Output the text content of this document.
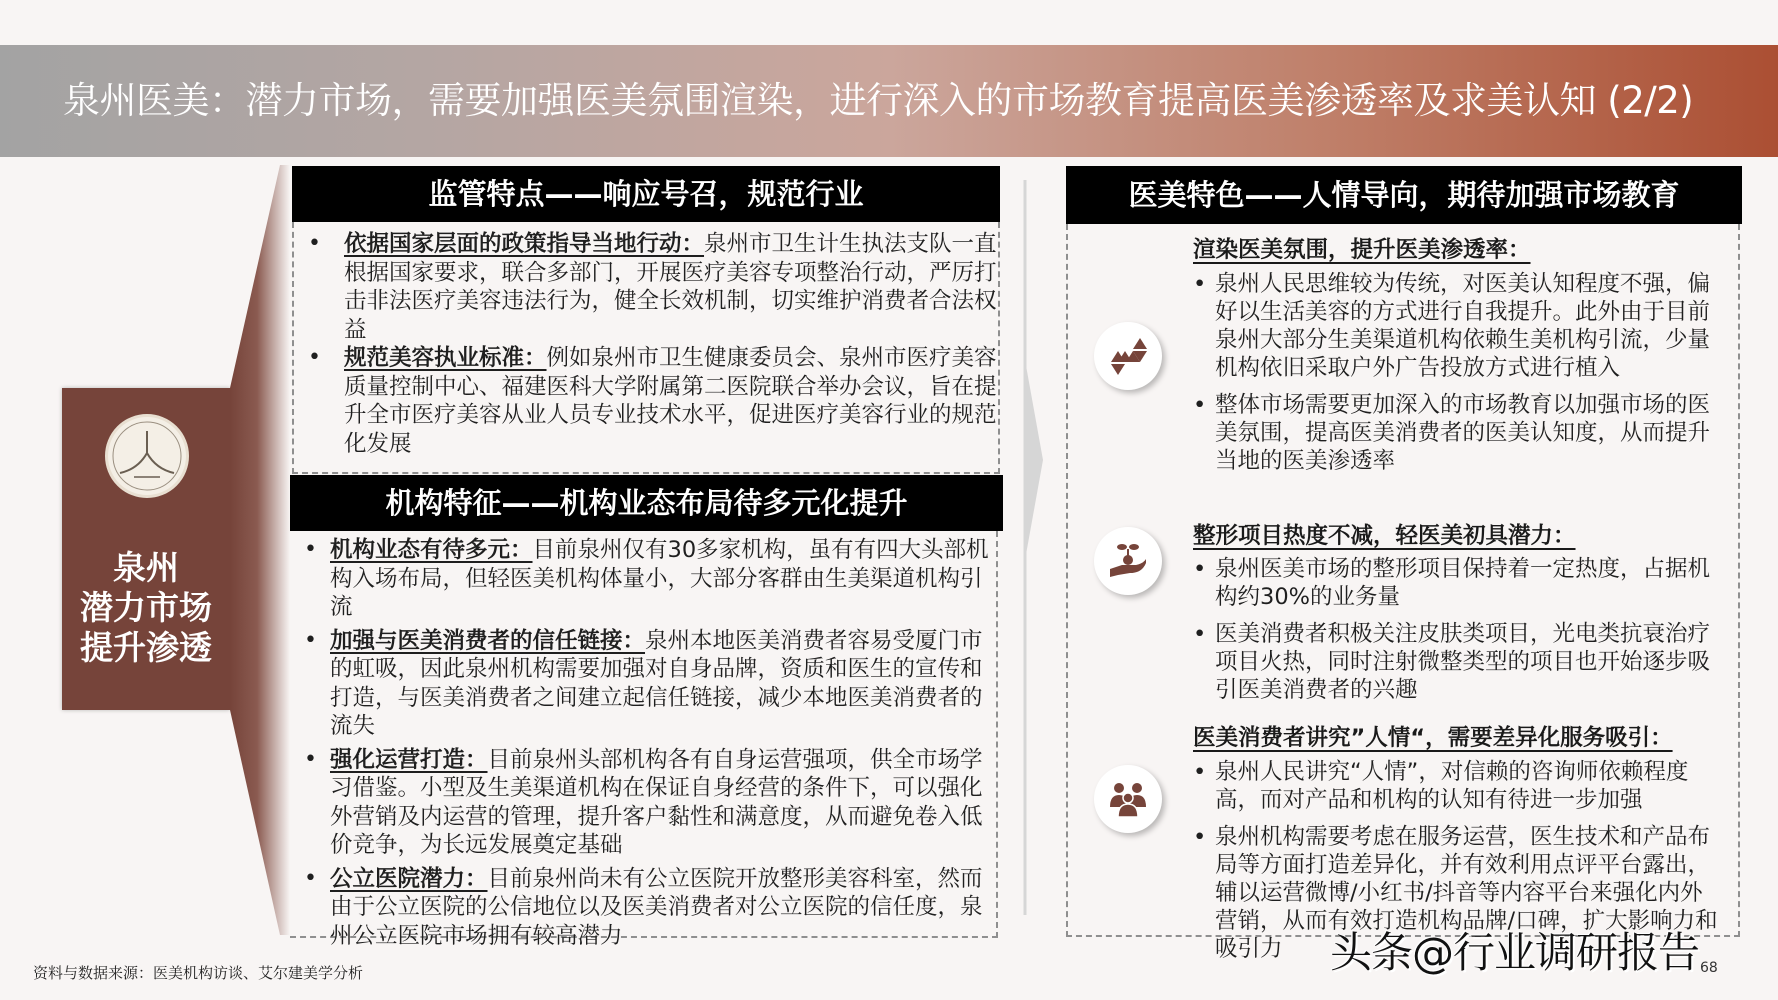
泉州医美：潜力市场，需要加强医美氛围渲染，进行深入的市场教育提高医美渗透率及求美认知 (2/2)
泉州
潜力市场
提升渗透
监管特点——响应号召，规范行业
• 依据国家层面的政策指导当地行动：泉州市卫生计生执法支队一直根据国家要求，联合多部门，开展医疗美容专项整治行动，严厉打击非法医疗美容违法行为，健全长效机制，切实维护消费者合法权益
• 规范美容执业标准：例如泉州市卫生健康委员会、泉州市医疗美容质量控制中心、福建医科大学附属第二医院联合举办会议，旨在提升全市医疗美容从业人员专业技术水平，促进医疗美容行业的规范化发展
机构特征——机构业态布局待多元化提升
• 机构业态有待多元：目前泉州仅有30多家机构，虽有有四大头部机构入场布局，但轻医美机构体量小，大部分客群由生美渠道机构引流
• 加强与医美消费者的信任链接：泉州本地医美消费者容易受厦门市的虹吸，因此泉州机构需要加强对自身品牌，资质和医生的宣传和打造，与医美消费者之间建立起信任链接，减少本地医美消费者的流失
• 强化运营打造：目前泉州头部机构各有自身运营强项，供全市场学习借鉴。小型及生美渠道机构在保证自身经营的条件下，可以强化外营销及内运营的管理，提升客户黏性和满意度，从而避免卷入低价竞争，为长远发展奠定基础
• 公立医院潜力：目前泉州尚未有公立医院开放整形美容科室，然而由于公立医院的公信地位以及医美消费者对公立医院的信任度，泉州公立医院市场拥有较高潜力
医美特色——人情导向，期待加强市场教育
渲染医美氛围，提升医美渗透率：
• 泉州人民思维较为传统，对医美认知程度不强，偏好以生活美容的方式进行自我提升。此外由于目前泉州大部分生美渠道机构依赖生美机构引流，少量机构依旧采取户外广告投放方式进行植入
• 整体市场需要更加深入的市场教育以加强市场的医美氛围，提高医美消费者的医美认知度，从而提升当地的医美渗透率
整形项目热度不减，轻医美初具潜力：
• 泉州医美市场的整形项目保持着一定热度，占据机构约30%的业务量
• 医美消费者积极关注皮肤类项目，光电类抗衰治疗项目火热，同时注射微整类型的项目也开始逐步吸引医美消费者的兴趣
医美消费者讲究”人情“，需要差异化服务吸引：
• 泉州人民讲究“人情”，对信赖的咨询师依赖程度高，而对产品和机构的认知有待进一步加强
• 泉州机构需要考虑在服务运营，医生技术和产品布局等方面打造差异化，并有效利用点评平台露出，辅以运营微博/小红书/抖音等内容平台来强化内外营销，从而有效打造机构品牌/口碑，扩大影响力和吸引力
资料与数据来源：医美机构访谈、艾尔建美学分析	头条@行业调研报告 68
